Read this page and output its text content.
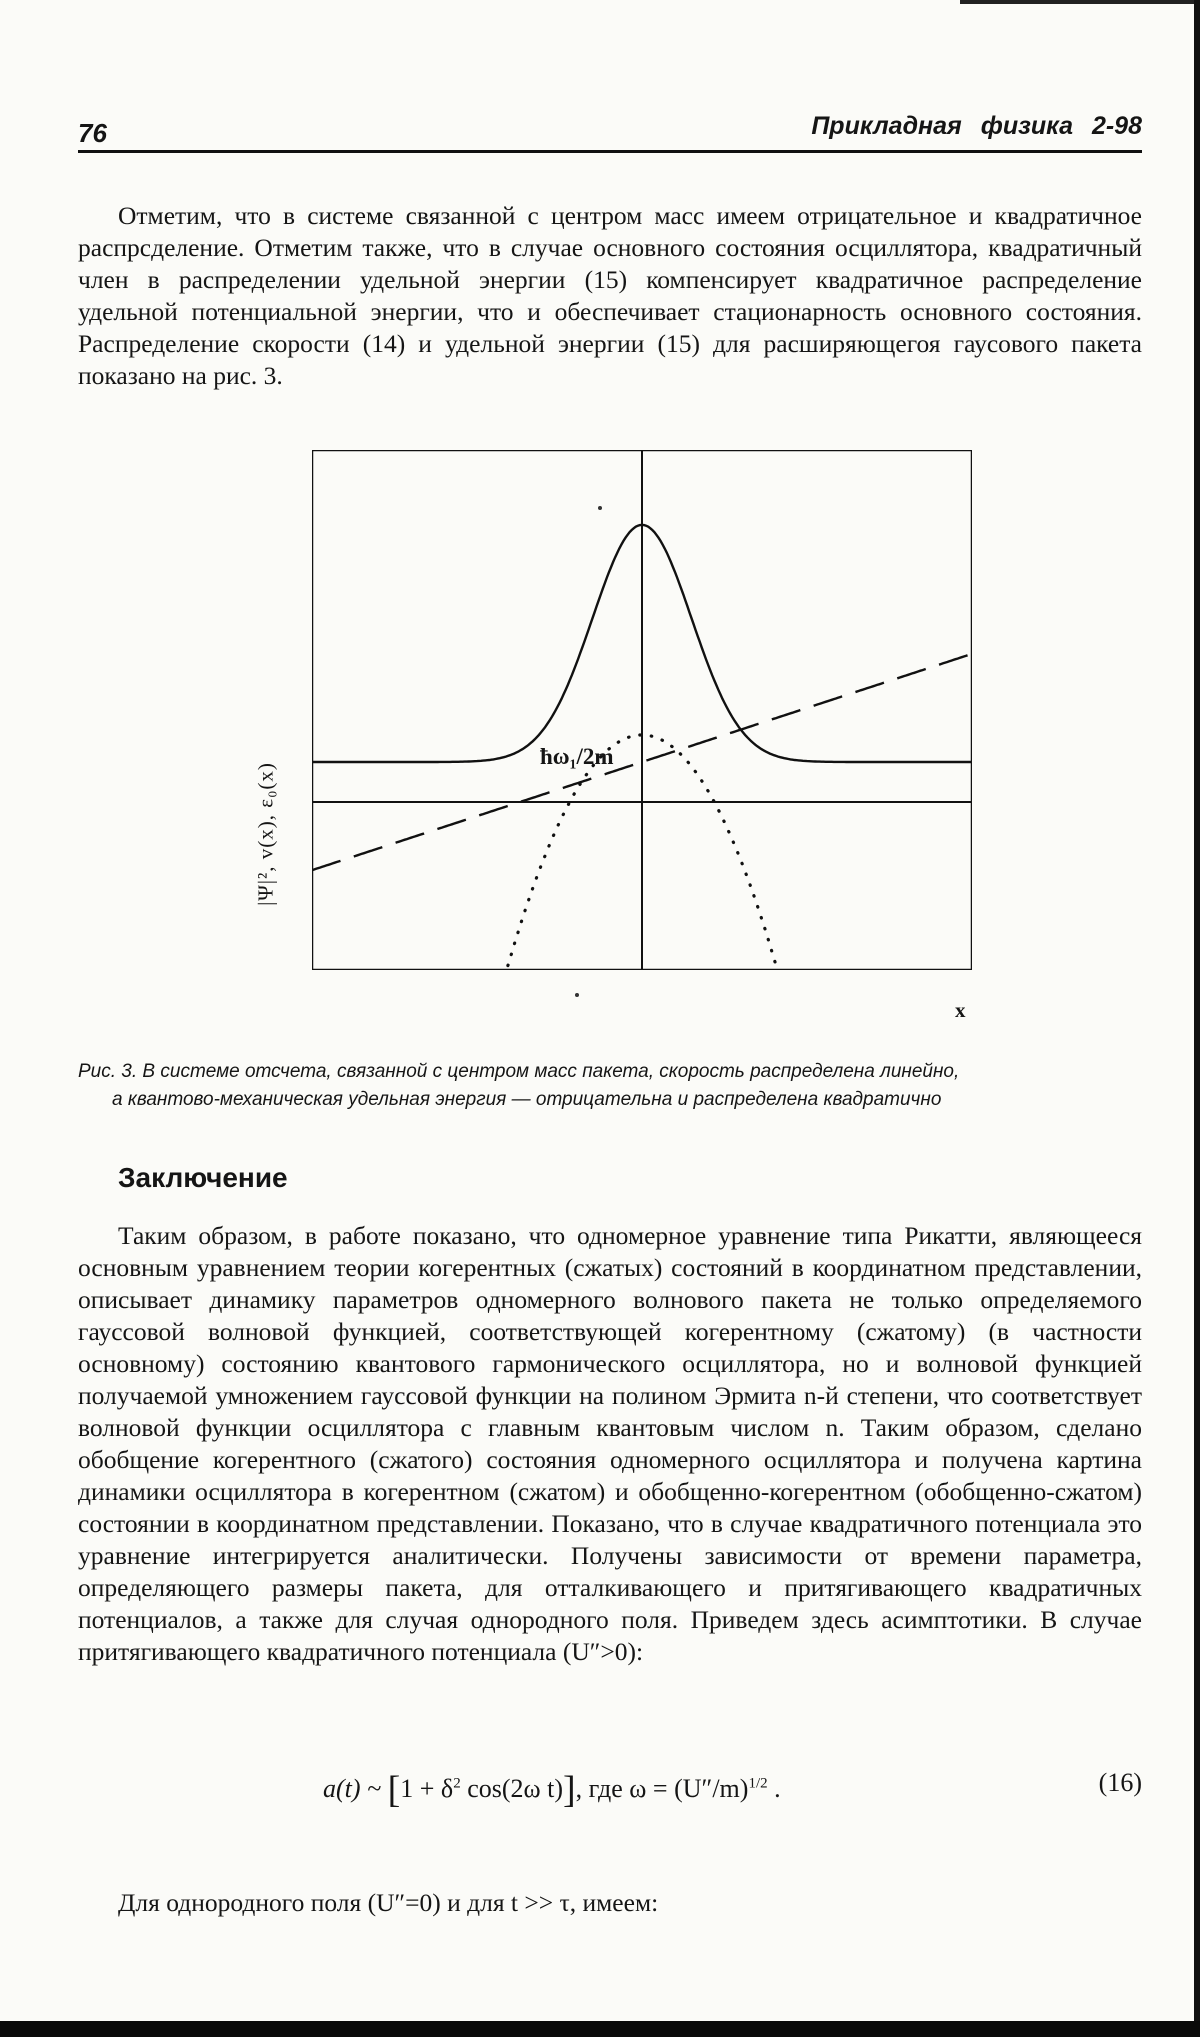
76	Прикладная физика 2-98

Отметим, что в системе связанной с центром масс имеем отрицательное и квадратичное распрсделение. Отметим также, что в случае основного состояния осциллятора, квадратичный член в распределении удельной энергии (15) компенсирует квадратичное распределение удельной потенциальной энергии, что и обеспечивает стационарность основного состояния. Распределение скорости (14) и удельной энергии (15) для расширяющегоя гаусового пакета показано на рис. 3.

|Ψ|², v(x), ε₀(x)
ħω₁/2m
x
Рис. 3. В системе отсчета, связанной с центром масс пакета, скорость распределена линейно,
а квантово-механическая удельная энергия — отрицательна и распределена квадратично
Заключение

Таким образом, в работе показано, что одномерное уравнение типа Рикатти, являющееся основным уравнением теории когерентных (сжатых) состояний в координатном представлении, описывает динамику параметров одномерного волнового пакета не только определяемого гауссовой волновой функцией, соответствующей когерентному (сжатому) (в частности основному) состоянию квантового гармонического осциллятора, но и волновой функцией получаемой умножением гауссовой функции на полином Эрмита n-й степени, что соответствует волновой функции осциллятора с главным квантовым числом n. Таким образом, сделано обобщение когерентного (сжатого) состояния одномерного осциллятора и получена картина динамики осциллятора в когерентном (сжатом) и обобщенно-когерентном (обобщенно-сжатом) состоянии в координатном представлении. Показано, что в случае квадратичного потенциала это уравнение интегрируется аналитически. Получены зависимости от времени параметра, определяющего размеры пакета, для отталкивающего и притягивающего квадратичных потенциалов, а также для случая однородного поля. Приведем здесь асимптотики. В случае притягивающего квадратичного потенциала (U″>0):

a(t) ~ [$1 + \delta^2$ cos(2ω t)], где $\omega = (U''/m)^{1/2}$ .	(16)
Для однородного поля (U″=0) и для t >> τ, имеем:
